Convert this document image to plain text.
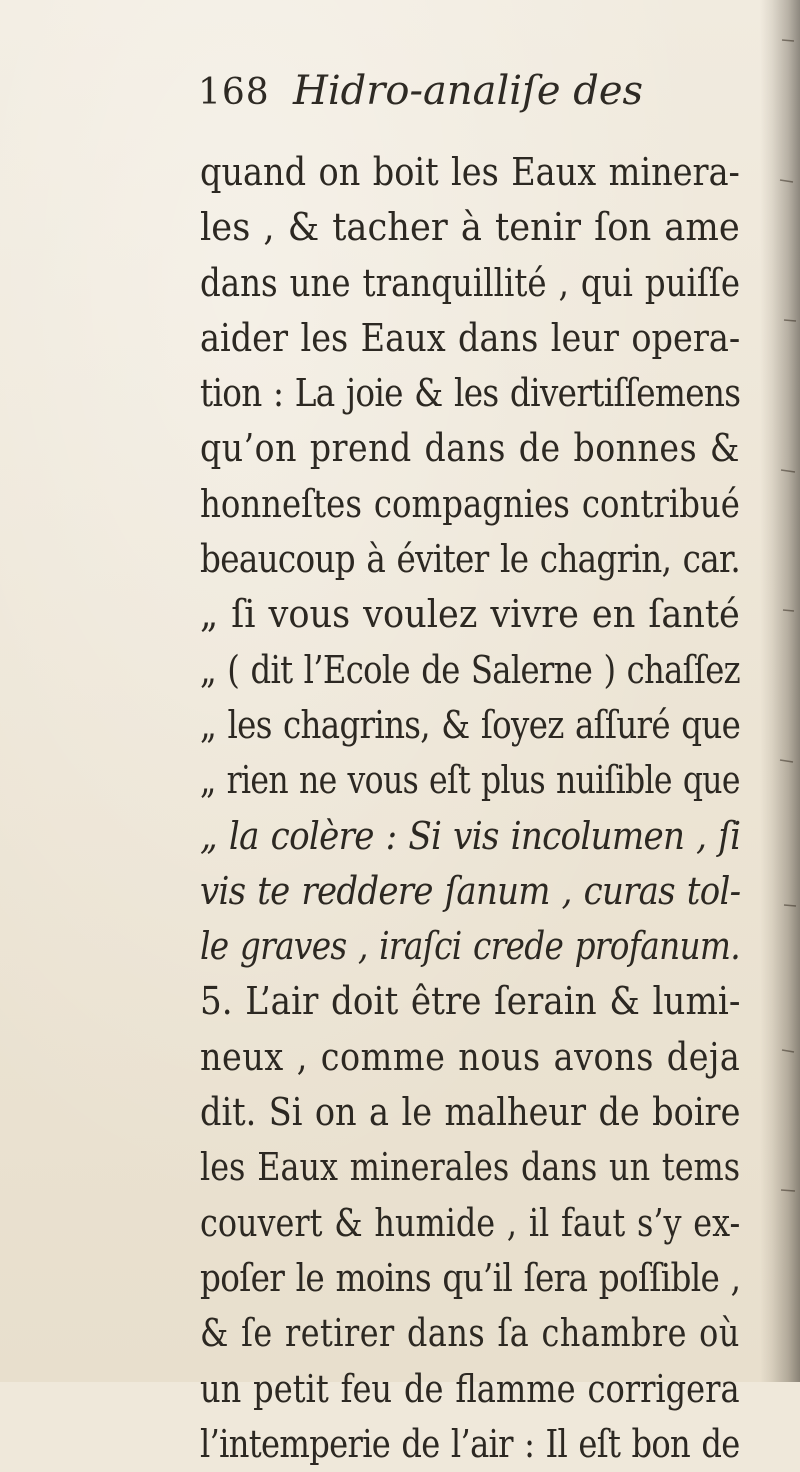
168 Hidro-analiſe des
quand on boit les Eaux minera-
les , & tacher à tenir ſon ame
dans une tranquillité , qui puiſſe
aider les Eaux dans leur opera-
tion : La joie & les divertiſſemens
qu’on prend dans de bonnes &
honneſtes compagnies contribué
beaucoup à éviter le chagrin, car.
„ ſi vous voulez vivre en ſanté
„ ( dit l’Ecole de Salerne ) chaſſez
„ les chagrins, & ſoyez aſſuré que
„ rien ne vous eſt plus nuiſible que
„ la colère : Si vis incolumen , ſi
vis te reddere ſanum , curas tol-
le graves , iraſci crede profanum.
5. L’air doit être ſerain & lumi-
neux , comme nous avons deja
dit. Si on a le malheur de boire
les Eaux minerales dans un tems
couvert & humide , il faut s’y ex-
poſer le moins qu’il ſera poſſible ,
& ſe retirer dans ſa chambre où
un petit feu de flamme corrigera
l’intemperie de l’air : Il eſt bon de
